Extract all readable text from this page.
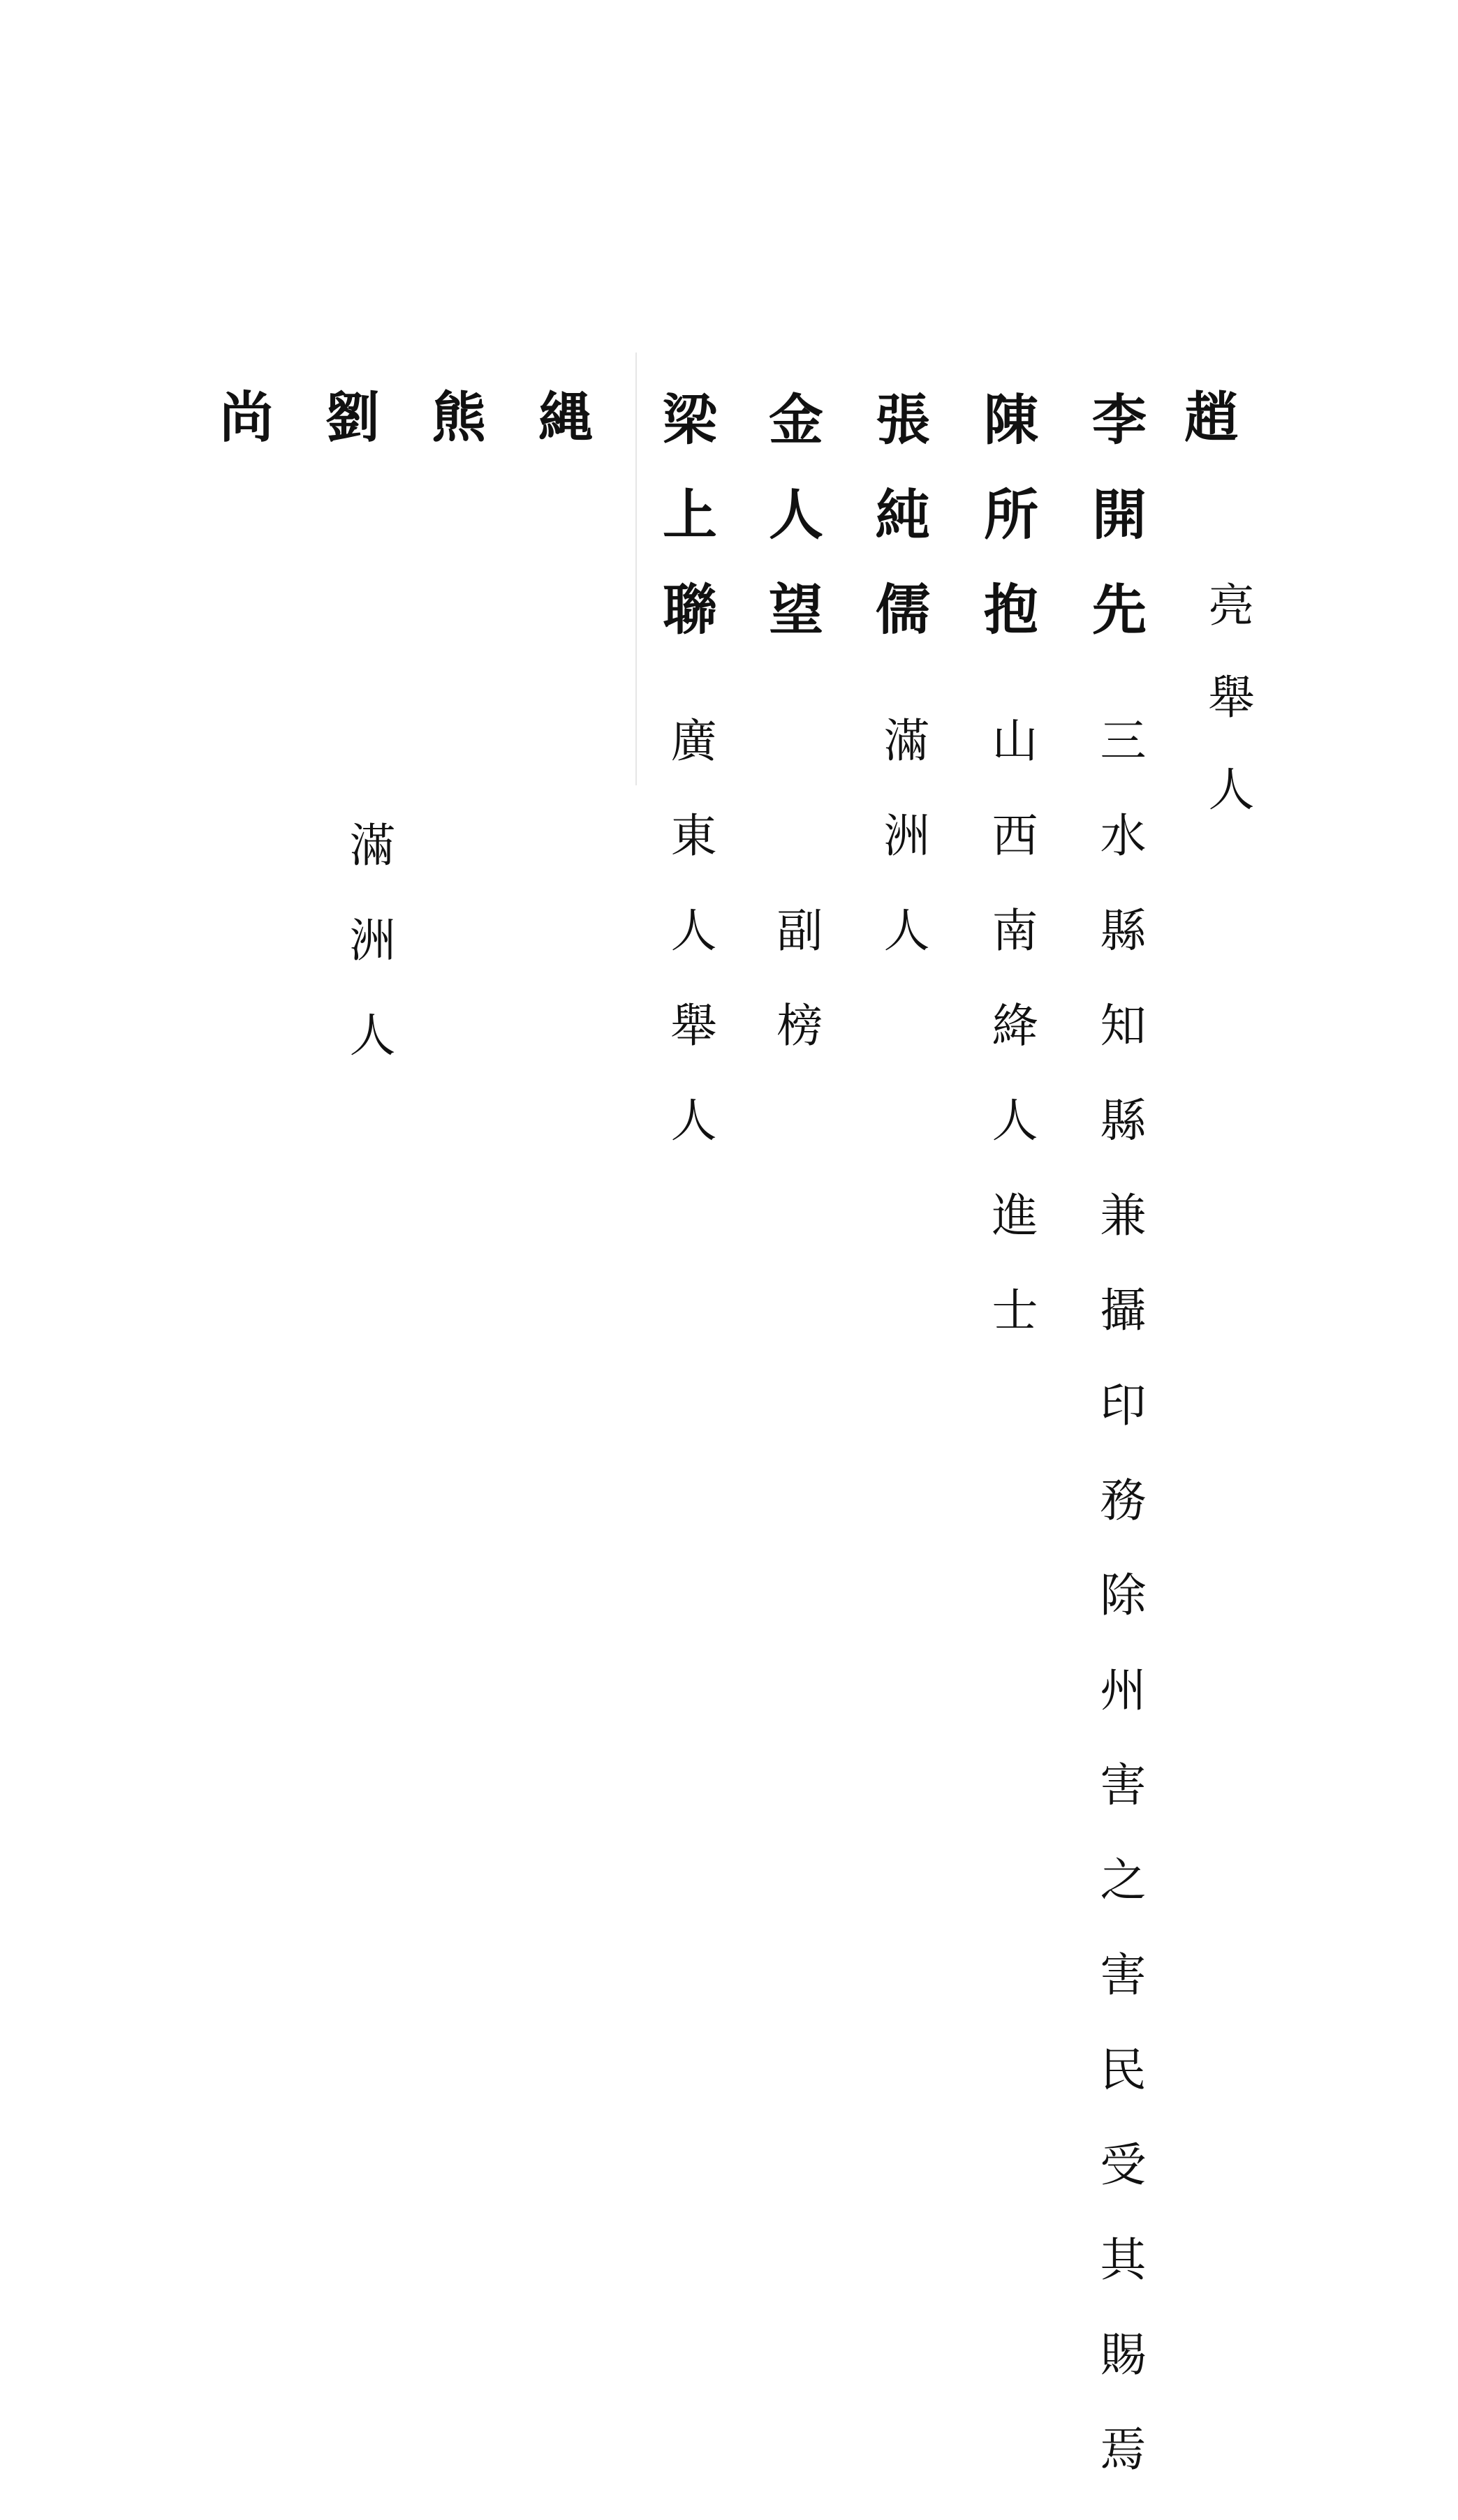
趙
亮舉人
李開先
三水縣知縣兼攝印務除州害之害民受其賜焉
陳所抱
山西南絳人進士
張純儒
滿洲人
金人望
副榜
梁上聯
廣東人舉人
縄
熊
劉
滿洲人
尚
